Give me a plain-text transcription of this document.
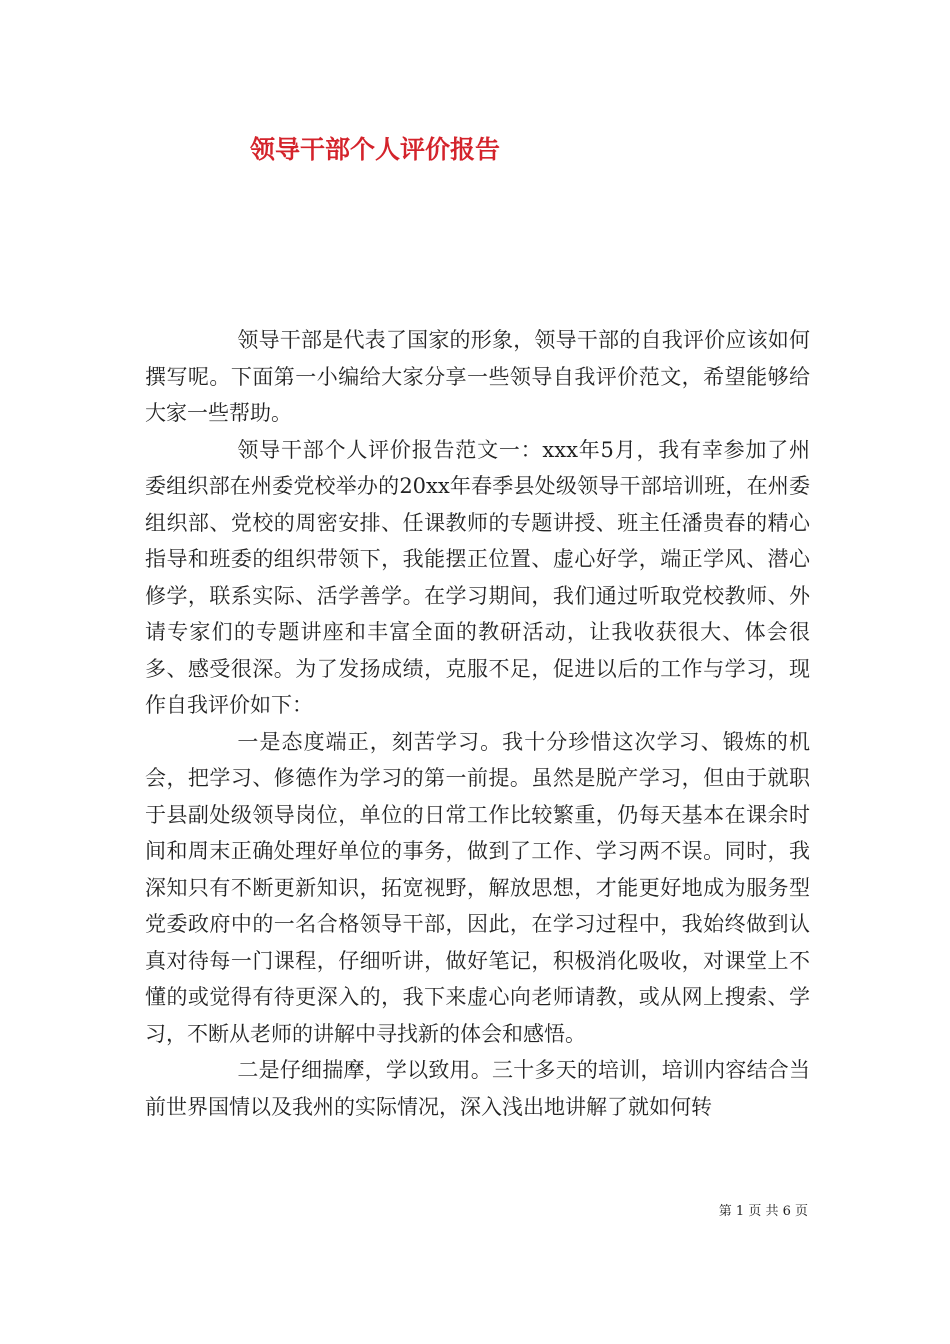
领导干部个人评价报告

领导干部是代表了国家的形象，领导干部的自我评价应该如何撰写呢。下面第一小编给大家分享一些领导自我评价范文，希望能够给大家一些帮助。

领导干部个人评价报告范文一：xxx年5月，我有幸参加了州委组织部在州委党校举办的20xx年春季县处级领导干部培训班，在州委组织部、党校的周密安排、任课教师的专题讲授、班主任潘贵春的精心指导和班委的组织带领下，我能摆正位置、虚心好学，端正学风、潜心修学，联系实际、活学善学。在学习期间，我们通过听取党校教师、外请专家们的专题讲座和丰富全面的教研活动，让我收获很大、体会很多、感受很深。为了发扬成绩，克服不足，促进以后的工作与学习，现作自我评价如下：

一是态度端正，刻苦学习。我十分珍惜这次学习、锻炼的机会，把学习、修德作为学习的第一前提。虽然是脱产学习，但由于就职于县副处级领导岗位，单位的日常工作比较繁重，仍每天基本在课余时间和周末正确处理好单位的事务，做到了工作、学习两不误。同时，我深知只有不断更新知识，拓宽视野，解放思想，才能更好地成为服务型党委政府中的一名合格领导干部，因此，在学习过程中，我始终做到认真对待每一门课程，仔细听讲，做好笔记，积极消化吸收，对课堂上不懂的或觉得有待更深入的，我下来虚心向老师请教，或从网上搜索、学习，不断从老师的讲解中寻找新的体会和感悟。

二是仔细揣摩，学以致用。三十多天的培训，培训内容结合当前世界国情以及我州的实际情况，深入浅出地讲解了就如何转

第 1 页 共 6 页
